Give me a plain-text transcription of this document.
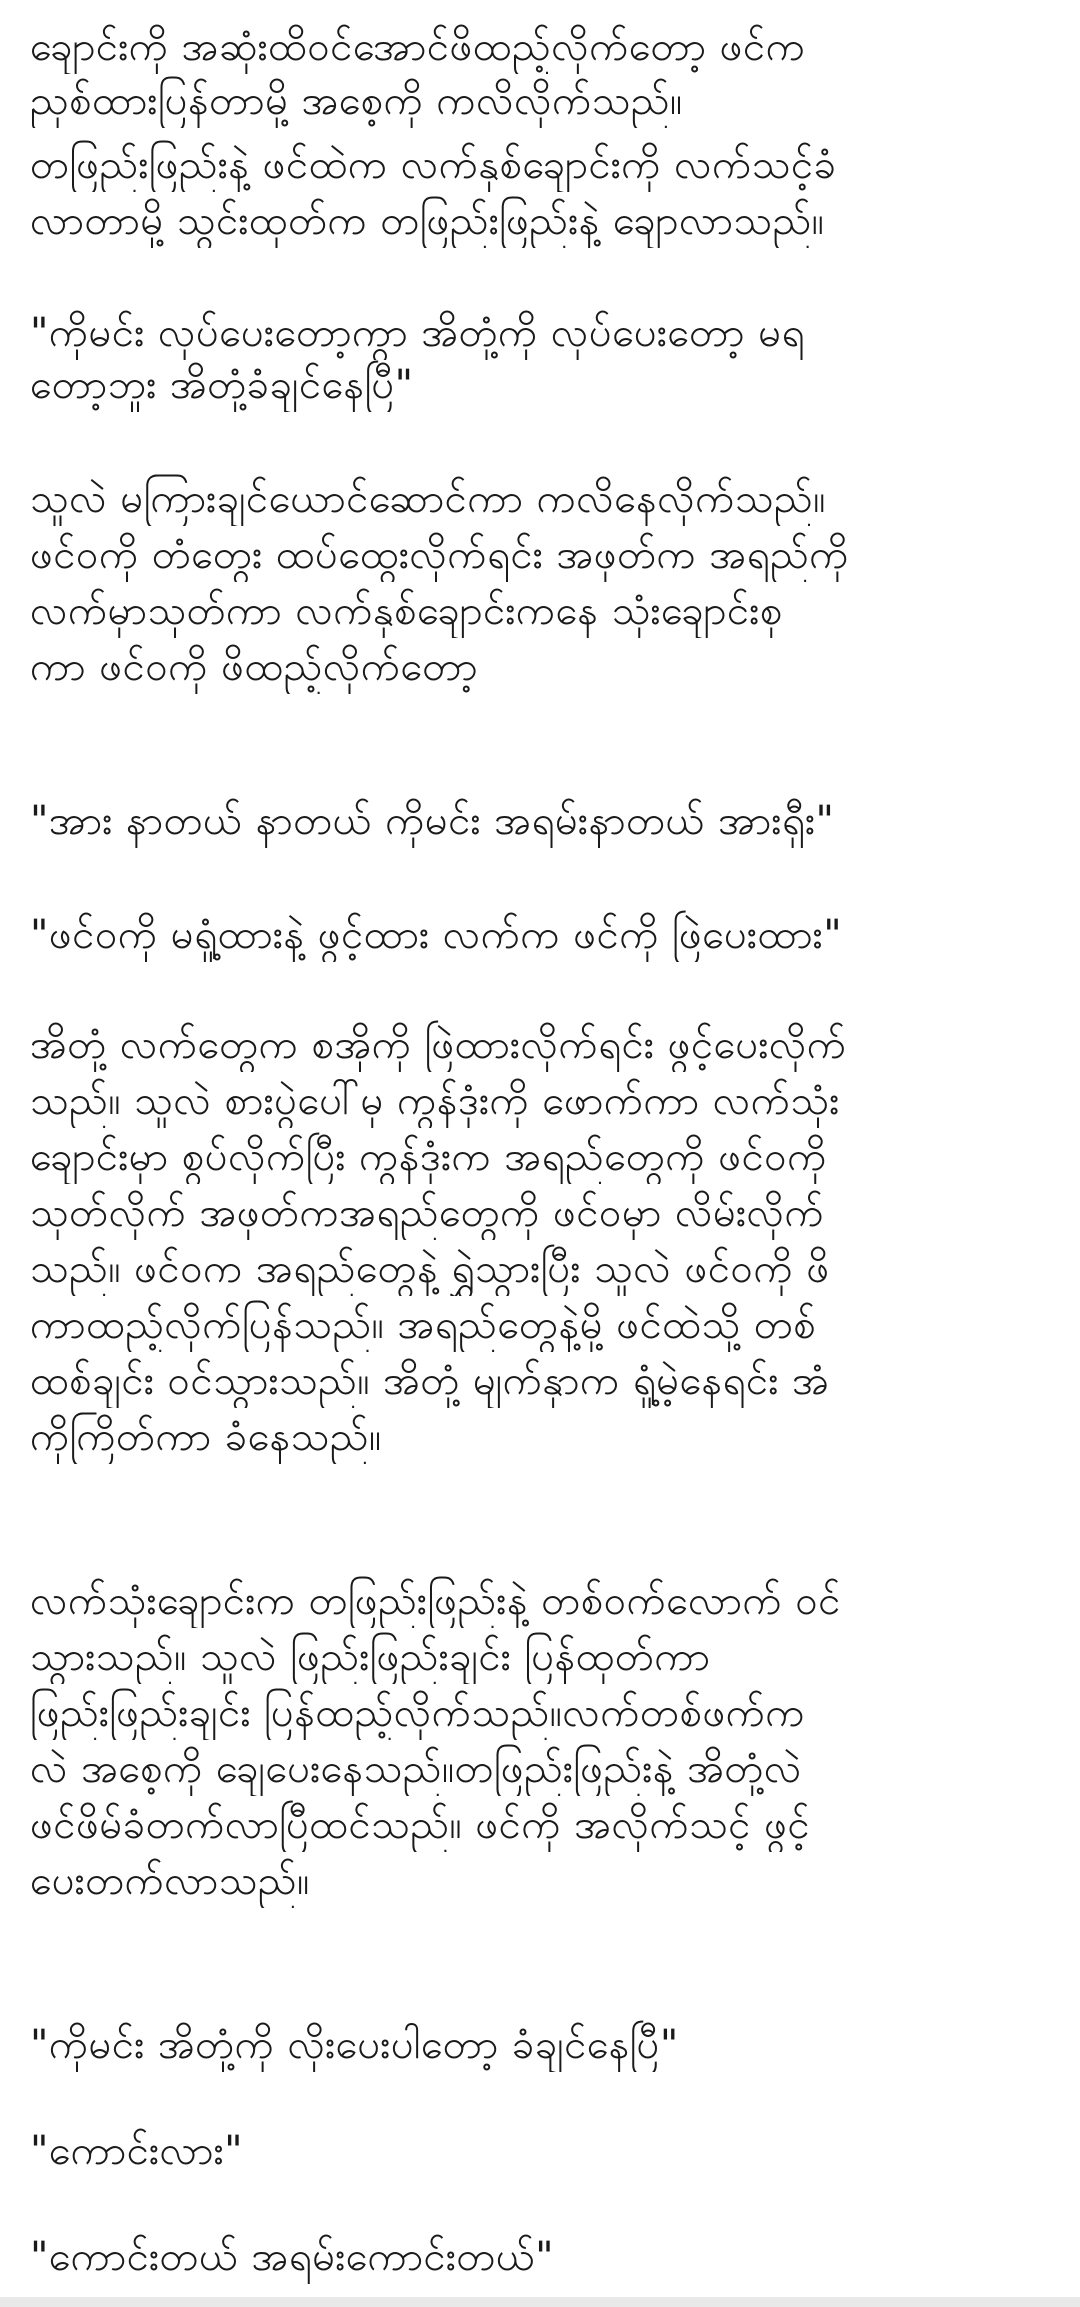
ချောင်းကို အဆုံးထိဝင်အောင်ဖိထည့်လိုက်တော့ ဖင်က
ညှစ်ထားပြန်တာမို့ အစေ့ကို ကလိလိုက်သည်။
တဖြည်းဖြည်းနဲ့ ဖင်ထဲက လက်နှစ်ချောင်းကို လက်သင့်ခံ
လာတာမို့ သွင်းထုတ်က တဖြည်းဖြည်းနဲ့ ချောလာသည်။
"ကိုမင်း လုပ်ပေးတော့ကွာ အိတုံ့ကို လုပ်ပေးတော့ မရ
တော့ဘူး အိတုံ့ခံချင်နေပြီ"
သူလဲ မကြားချင်ယောင်ဆောင်ကာ ကလိနေလိုက်သည်။
ဖင်ဝကို တံတွေး ထပ်ထွေးလိုက်ရင်း အဖုတ်က အရည်ကို
လက်မှာသုတ်ကာ လက်နှစ်ချောင်းကနေ သုံးချောင်းစု
ကာ ဖင်ဝကို ဖိထည့်လိုက်တော့
"အား နာတယ် နာတယ် ကိုမင်း အရမ်းနာတယ် အားရှီး"
"ဖင်ဝကို မရှုံ့ထားနဲ့ ဖွင့်ထား လက်က ဖင်ကို ဖြဲပေးထား"
အိတုံ့ လက်တွေက စအိုကို ဖြဲထားလိုက်ရင်း ဖွင့်ပေးလိုက်
သည်။ သူလဲ စားပွဲပေါ်မှ ကွန်ဒုံးကို ဖောက်ကာ လက်သုံး
ချောင်းမှာ စွပ်လိုက်ပြီး ကွန်ဒုံးက အရည်တွေကို ဖင်ဝကို
သုတ်လိုက် အဖုတ်ကအရည်တွေကို ဖင်ဝမှာ လိမ်းလိုက်
သည်။ ဖင်ဝက အရည်တွေနဲ့ ရွှဲသွားပြီး သူလဲ ဖင်ဝကို ဖိ
ကာထည့်လိုက်ပြန်သည်။ အရည်တွေနဲ့မို့ ဖင်ထဲသို့ တစ်
ထစ်ချင်း ဝင်သွားသည်။ အိတုံ့ မျက်နှာက ရှုံ့မဲ့နေရင်း အံ
ကိုကြိတ်ကာ ခံနေသည်။
လက်သုံးချောင်းက တဖြည်းဖြည်းနဲ့ တစ်ဝက်လောက် ဝင်
သွားသည်။ သူလဲ ဖြည်းဖြည်းချင်း ပြန်ထုတ်ကာ
ဖြည်းဖြည်းချင်း ပြန်ထည့်လိုက်သည်။လက်တစ်ဖက်က
လဲ အစေ့ကို ချေပေးနေသည်။တဖြည်းဖြည်းနဲ့ အိတုံ့လဲ
ဖင်ဖိမ်ခံတက်လာပြီထင်သည်။ ဖင်ကို အလိုက်သင့် ဖွင့်
ပေးတက်လာသည်။
"ကိုမင်း အိတုံ့ကို လိုးပေးပါတော့ ခံချင်နေပြီ"
"ကောင်းလား"
"ကောင်းတယ် အရမ်းကောင်းတယ်"
